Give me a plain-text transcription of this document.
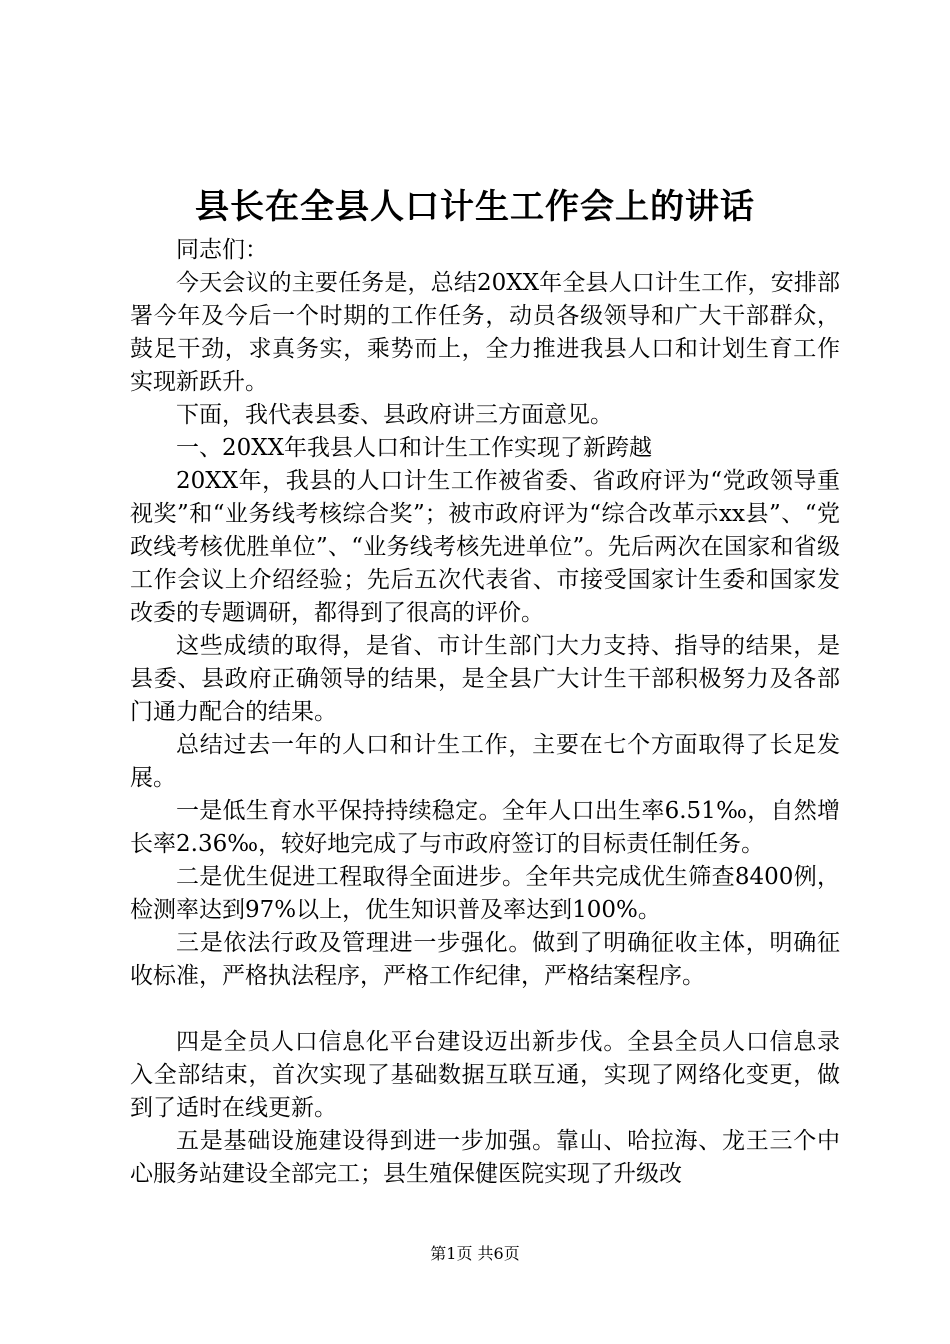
县长在全县人口计生工作会上的讲话

同志们：

今天会议的主要任务是，总结20XX年全县人口计生工作，安排部署今年及今后一个时期的工作任务，动员各级领导和广大干部群众，鼓足干劲，求真务实，乘势而上，全力推进我县人口和计划生育工作实现新跃升。

下面，我代表县委、县政府讲三方面意见。

一、20XX年我县人口和计生工作实现了新跨越

20XX年，我县的人口计生工作被省委、省政府评为“党政领导重视奖”和“业务线考核综合奖”；被市政府评为“综合改革示xx县”、“党政线考核优胜单位”、“业务线考核先进单位”。先后两次在国家和省级工作会议上介绍经验；先后五次代表省、市接受国家计生委和国家发改委的专题调研，都得到了很高的评价。

这些成绩的取得，是省、市计生部门大力支持、指导的结果，是县委、县政府正确领导的结果，是全县广大计生干部积极努力及各部门通力配合的结果。

总结过去一年的人口和计生工作，主要在七个方面取得了长足发展。

一是低生育水平保持持续稳定。全年人口出生率6.51‰，自然增长率2.36‰，较好地完成了与市政府签订的目标责任制任务。

二是优生促进工程取得全面进步。全年共完成优生筛查8400例，检测率达到97%以上，优生知识普及率达到100%。

三是依法行政及管理进一步强化。做到了明确征收主体，明确征收标准，严格执法程序，严格工作纪律，严格结案程序。

四是全员人口信息化平台建设迈出新步伐。全县全员人口信息录入全部结束，首次实现了基础数据互联互通，实现了网络化变更，做到了适时在线更新。

五是基础设施建设得到进一步加强。靠山、哈拉海、龙王三个中心服务站建设全部完工；县生殖保健医院实现了升级改

第1页 共6页
